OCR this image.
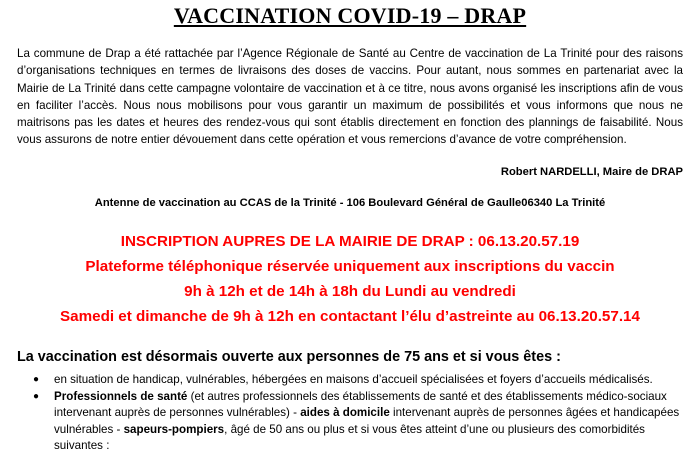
VACCINATION COVID-19 – DRAP

La commune de Drap a été rattachée par l’Agence Régionale de Santé au Centre de vaccination de La Trinité pour des raisons d’organisations techniques en termes de livraisons des doses de vaccins. Pour autant, nous sommes en partenariat avec la Mairie de La Trinité dans cette campagne volontaire de vaccination et à ce titre, nous avons organisé les inscriptions afin de vous en faciliter l’accès. Nous nous mobilisons pour vous garantir un maximum de possibilités et vous informons que nous ne maitrisons pas les dates et heures des rendez-vous qui sont établis directement en fonction des plannings de faisabilité. Nous vous assurons de notre entier dévouement dans cette opération et vous remercions d’avance de votre compréhension.

Robert NARDELLI, Maire de DRAP
Antenne de vaccination au CCAS de la Trinité - 106 Boulevard Général de Gaulle06340 La Trinité
INSCRIPTION AUPRES DE LA MAIRIE DE DRAP : 06.13.20.57.19
Plateforme téléphonique réservée uniquement aux inscriptions du vaccin
9h à 12h et de 14h à 18h du Lundi au vendredi
Samedi et dimanche de 9h à 12h en contactant l’élu d’astreinte au 06.13.20.57.14
La vaccination est désormais ouverte aux personnes de 75 ans et si vous êtes :
● en situation de handicap, vulnérables, hébergées en maisons d’accueil spécialisées et foyers d’accueils médicalisés.
● Professionnels de santé (et autres professionnels des établissements de santé et des établissements médico-sociaux intervenant auprès de personnes vulnérables) - aides à domicile intervenant auprès de personnes âgées et handicapées vulnérables - sapeurs-pompiers, âgé de 50 ans ou plus et si vous êtes atteint d’une ou plusieurs des comorbidités suivantes :
